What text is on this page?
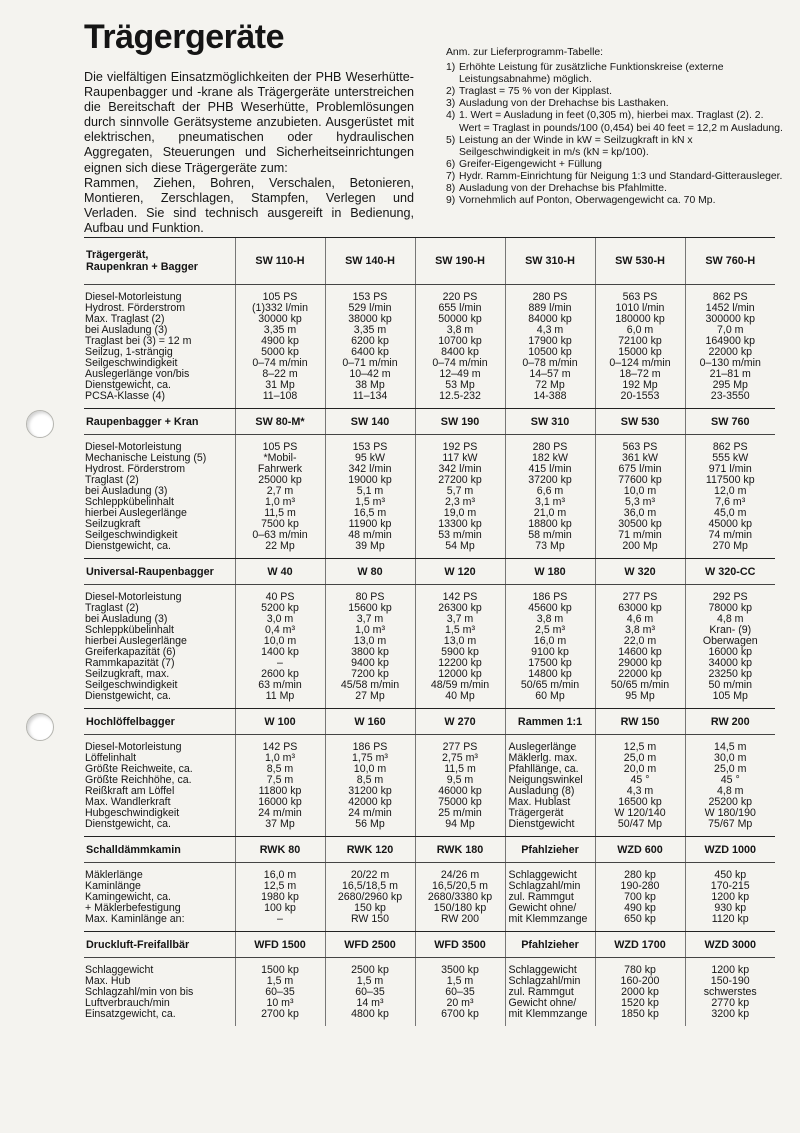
Trägergeräte

Die vielfältigen Einsatzmöglichkeiten der PHB Weserhütte-Raupenbagger und -krane als Trägergeräte unterstreichen die Bereitschaft der PHB Weserhütte, Problemlösungen durch sinnvolle Gerätsysteme anzubieten. Ausgerüstet mit elektrischen, pneumatischen oder hydraulischen Aggregaten, Steuerungen und Sicherheitseinrichtungen eignen sich diese Trägergeräte zum:

Rammen, Ziehen, Bohren, Verschalen, Betonieren, Montieren, Zerschlagen, Stampfen, Verlegen und Verladen. Sie sind technisch ausgereift in Bedienung, Aufbau und Funktion.

Anm. zur Lieferprogramm-Tabelle:
1) Erhöhte Leistung für zusätzliche Funktionskreise (externe Leistungsabnahme) möglich.
2) Traglast = 75 % von der Kipplast.
3) Ausladung von der Drehachse bis Lasthaken.
4) 1. Wert = Ausladung in feet (0,305 m), hierbei max. Traglast (2). 2. Wert = Traglast in pounds/100 (0,454) bei 40 feet = 12,2 m Ausladung.
5) Leistung an der Winde in kW = Seilzugkraft in kN x Seilgeschwindigkeit in m/s (kN = kp/100).
6) Greifer-Eigengewicht + Füllung
7) Hydr. Ramm-Einrichtung für Neigung 1:3 und Standard-Gitterausleger.
8) Ausladung von der Drehachse bis Pfahlmitte.
9) Vornehmlich auf Ponton, Oberwagengewicht ca. 70 Mp.
Trägergerät,
Raupenkran + Bagger	SW 110-H	SW 140-H	SW 190-H	SW 310-H	SW 530-H	SW 760-H

Diesel-Motorleistung	105 PS	153 PS	220 PS	280 PS	563 PS	862 PS
Hydrost. Förderstrom	(1)332 l/min	529 l/min	655 l/min	889 l/min	1010 l/min	1452 l/min
Max. Traglast (2)	30000 kp	38000 kp	50000 kp	84000 kp	180000 kp	300000 kp
bei Ausladung (3)	3,35 m	3,35 m	3,8 m	4,3 m	6,0 m	7,0 m
Traglast bei (3) = 12 m	4900 kp	6200 kp	10700 kp	17900 kp	72100 kp	164900 kp
Seilzug, 1-strängig	5000 kp	6400 kp	8400 kp	10500 kp	15000 kp	22000 kp
Seilgeschwindigkeit	0–74 m/min	0–71 m/min	0–74 m/min	0–78 m/min	0–124 m/min	0–130 m/min
Auslegerlänge von/bis	8–22 m	10–42 m	12–49 m	14–57 m	18–72 m	21–81 m
Dienstgewicht, ca.	31 Mp	38 Mp	53 Mp	72 Mp	192 Mp	295 Mp
PCSA-Klasse (4)	11–108	11–134	12.5-232	14-388	20-1553	23-3550

Raupenbagger + Kran	SW 80-M*	SW 140	SW 190	SW 310	SW 530	SW 760

Diesel-Motorleistung	105 PS	153 PS	192 PS	280 PS	563 PS	862 PS
Mechanische Leistung (5)	*Mobil-	95 kW	117 kW	182 kW	361 kW	555 kW
Hydrost. Förderstrom	Fahrwerk	342 l/min	342 l/min	415 l/min	675 l/min	971 l/min
Traglast (2)	25000 kp	19000 kp	27200 kp	37200 kp	77600 kp	117500 kp
bei Ausladung (3)	2,7 m	5,1 m	5,7 m	6,6 m	10,0 m	12,0 m
Schleppkübelinhalt	1,0 m³	1,5 m³	2,3 m³	3,1 m³	5,3 m³	7,6 m³
hierbei Auslegerlänge	11,5 m	16,5 m	19,0 m	21,0 m	36,0 m	45,0 m
Seilzugkraft	7500 kp	11900 kp	13300 kp	18800 kp	30500 kp	45000 kp
Seilgeschwindigkeit	0–63 m/min	48 m/min	53 m/min	58 m/min	71 m/min	74 m/min
Dienstgewicht, ca.	22 Mp	39 Mp	54 Mp	73 Mp	200 Mp	270 Mp

Universal-Raupenbagger	W 40	W 80	W 120	W 180	W 320	W 320-CC

Diesel-Motorleistung	40 PS	80 PS	142 PS	186 PS	277 PS	292 PS
Traglast (2)	5200 kp	15600 kp	26300 kp	45600 kp	63000 kp	78000 kp
bei Ausladung (3)	3,0 m	3,7 m	3,7 m	3,8 m	4,6 m	4,8 m
Schleppkübelinhalt	0,4 m³	1,0 m³	1,5 m³	2,5 m³	3,8 m³	Kran- (9)
hierbei Auslegerlänge	10,0 m	13,0 m	13,0 m	16,0 m	22,0 m	Oberwagen
Greiferkapazität (6)	1400 kp	3800 kp	5900 kp	9100 kp	14600 kp	16000 kp
Rammkapazität (7)	–	9400 kp	12200 kp	17500 kp	29000 kp	34000 kp
Seilzugkraft, max.	2600 kp	7200 kp	12000 kp	14800 kp	22000 kp	23250 kp
Seilgeschwindigkeit	63 m/min	45/58 m/min	48/59 m/min	50/65 m/min	50/65 m/min	50 m/min
Dienstgewicht, ca.	11 Mp	27 Mp	40 Mp	60 Mp	95 Mp	105 Mp

Hochlöffelbagger	W 100	W 160	W 270	Rammen 1:1	RW 150	RW 200

Diesel-Motorleistung	142 PS	186 PS	277 PS	Auslegerlänge	12,5 m	14,5 m
Löffelinhalt	1,0 m³	1,75 m³	2,75 m³	Mäklerlg. max.	25,0 m	30,0 m
Größte Reichweite, ca.	8,5 m	10,0 m	11,5 m	Pfahllänge, ca.	20,0 m	25,0 m
Größte Reichhöhe, ca.	7,5 m	8,5 m	9,5 m	Neigungswinkel	45 °	45 °
Reißkraft am Löffel	11800 kp	31200 kp	46000 kp	Ausladung (8)	4,3 m	4,8 m
Max. Wandlerkraft	16000 kp	42000 kp	75000 kp	Max. Hublast	16500 kp	25200 kp
Hubgeschwindigkeit	24 m/min	24 m/min	25 m/min	Trägergerät	W 120/140	W 180/190
Dienstgewicht, ca.	37 Mp	56 Mp	94 Mp	Dienstgewicht	50/47 Mp	75/67 Mp

Schalldämmkamin	RWK 80	RWK 120	RWK 180	Pfahlzieher	WZD 600	WZD 1000

Mäklerlänge	16,0 m	20/22 m	24/26 m	Schlaggewicht	280 kp	450 kp
Kaminlänge	12,5 m	16,5/18,5 m	16,5/20,5 m	Schlagzahl/min	190-280	170-215
Kamingewicht, ca.	1980 kp	2680/2960 kp	2680/3380 kp	zul. Rammgut	700 kp	1200 kp
+ Mäklerbefestigung	100 kp	150 kp	150/180 kp	Gewicht ohne/	490 kp	930 kp
Max. Kaminlänge an:	–	RW 150	RW 200	mit Klemmzange	650 kp	1120 kp

Druckluft-Freifallbär	WFD 1500	WFD 2500	WFD 3500	Pfahlzieher	WZD 1700	WZD 3000

Schlaggewicht	1500 kp	2500 kp	3500 kp	Schlaggewicht	780 kp	1200 kp
Max. Hub	1,5 m	1,5 m	1,5 m	Schlagzahl/min	160-200	150-190
Schlagzahl/min von bis	60–35	60–35	60–35	zul. Rammgut	2000 kp	schwerstes
Luftverbrauch/min	10 m³	14 m³	20 m³	Gewicht ohne/	1520 kp	2770 kp
Einsatzgewicht, ca.	2700 kp	4800 kp	6700 kp	mit Klemmzange	1850 kp	3200 kp
